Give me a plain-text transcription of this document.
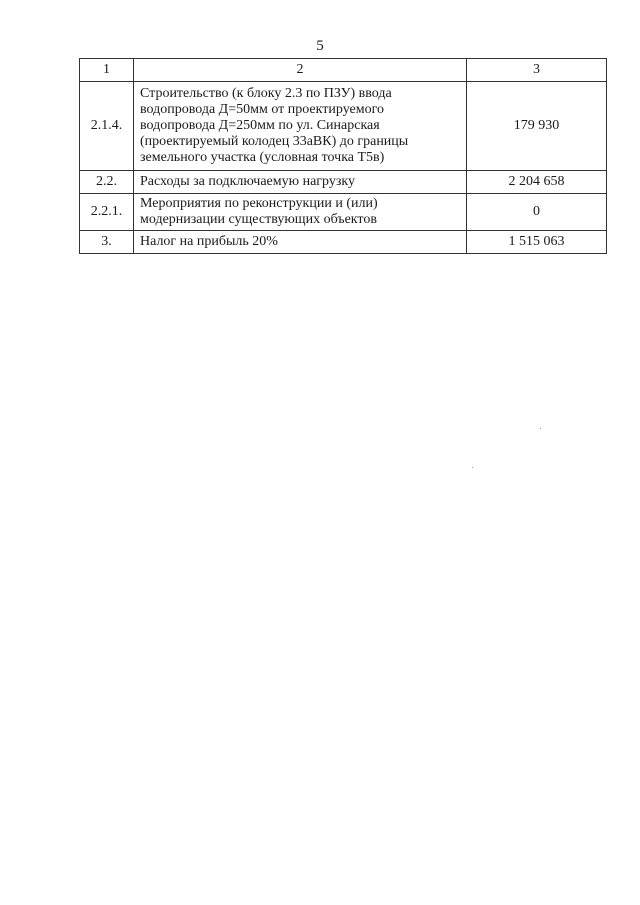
5
1	2	3
2.1.4.	Строительство (к блоку 2.3 по ПЗУ) ввода водопровода Д=50мм от проектируемого водопровода Д=250мм по ул. Синарская (проектируемый колодец 33аВК) до границы земельного участка (условная точка Т5в)	179 930
2.2.	Расходы за подключаемую нагрузку	2 204 658
2.2.1.	Мероприятия по реконструкции и (или) модернизации существующих объектов	0
3.	Налог на прибыль 20%	1 515 063
